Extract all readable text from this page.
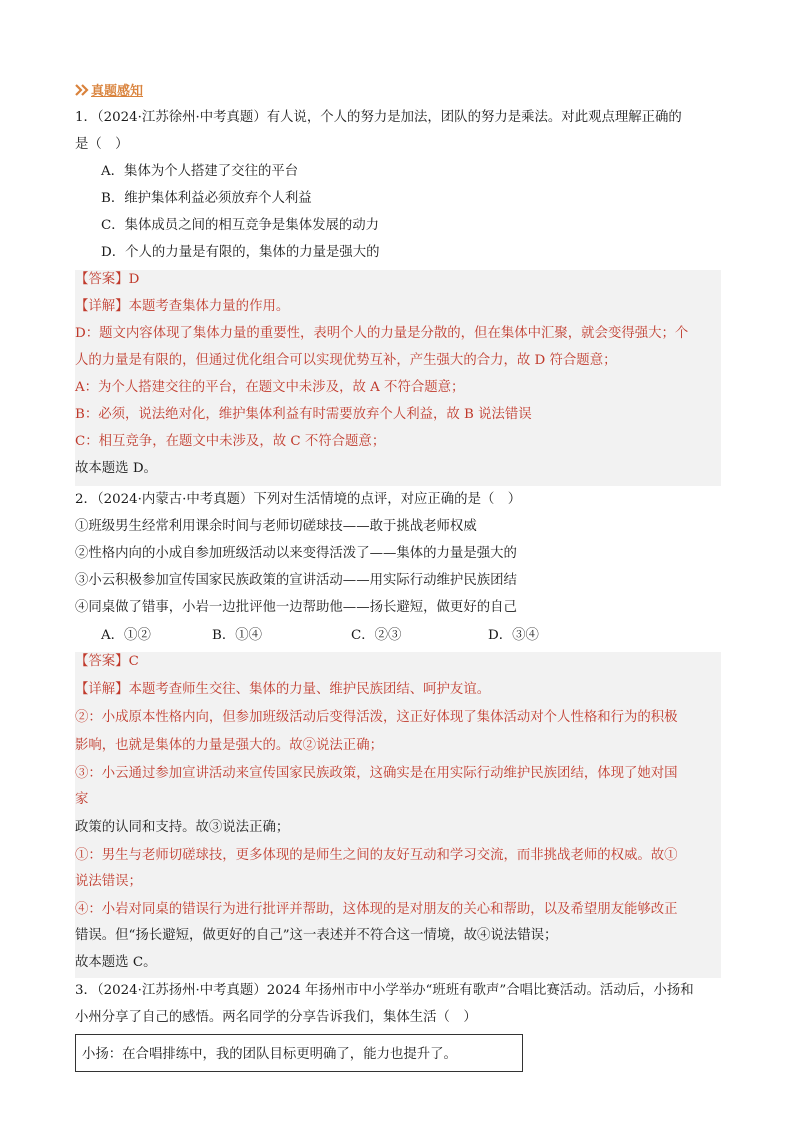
真题感知
1．（2024·江苏徐州·中考真题）有人说，个人的努力是加法，团队的努力是乘法。对此观点理解正确的
是（　）
A．集体为个人搭建了交往的平台
B．维护集体利益必须放弃个人利益
C．集体成员之间的相互竞争是集体发展的动力
D．个人的力量是有限的，集体的力量是强大的
【答案】D
【详解】本题考查集体力量的作用。
D：题文内容体现了集体力量的重要性，表明个人的力量是分散的，但在集体中汇聚，就会变得强大；个
人的力量是有限的，但通过优化组合可以实现优势互补，产生强大的合力，故 D 符合题意；
A：为个人搭建交往的平台，在题文中未涉及，故 A 不符合题意；
B：必须，说法绝对化，维护集体利益有时需要放弃个人利益，故 B 说法错误
C：相互竞争，在题文中未涉及，故 C 不符合题意；
故本题选 D。
2．（2024·内蒙古·中考真题）下列对生活情境的点评，对应正确的是（　）
①班级男生经常利用课余时间与老师切磋球技——敢于挑战老师权威
②性格内向的小成自参加班级活动以来变得活泼了——集体的力量是强大的
③小云积极参加宣传国家民族政策的宣讲活动——用实际行动维护民族团结
④同桌做了错事，小岩一边批评他一边帮助他——扬长避短，做更好的自己
A．①②	B．①④	C．②③	D．③④
【答案】C
【详解】本题考查师生交往、集体的力量、维护民族团结、呵护友谊。
②：小成原本性格内向，但参加班级活动后变得活泼，这正好体现了集体活动对个人性格和行为的积极
影响，也就是集体的力量是强大的。故②说法正确；
③：小云通过参加宣讲活动来宣传国家民族政策，这确实是在用实际行动维护民族团结，体现了她对国
家
政策的认同和支持。故③说法正确；
①：男生与老师切磋球技，更多体现的是师生之间的友好互动和学习交流，而非挑战老师的权威。故①
说法错误；
④：小岩对同桌的错误行为进行批评并帮助，这体现的是对朋友的关心和帮助，以及希望朋友能够改正
错误。但“扬长避短，做更好的自己”这一表述并不符合这一情境，故④说法错误；
故本题选 C。
3．（2024·江苏扬州·中考真题）2024 年扬州市中小学举办“班班有歌声”合唱比赛活动。活动后，小扬和
小州分享了自己的感悟。两名同学的分享告诉我们，集体生活（　）
小扬：在合唱排练中，我的团队目标更明确了，能力也提升了。
